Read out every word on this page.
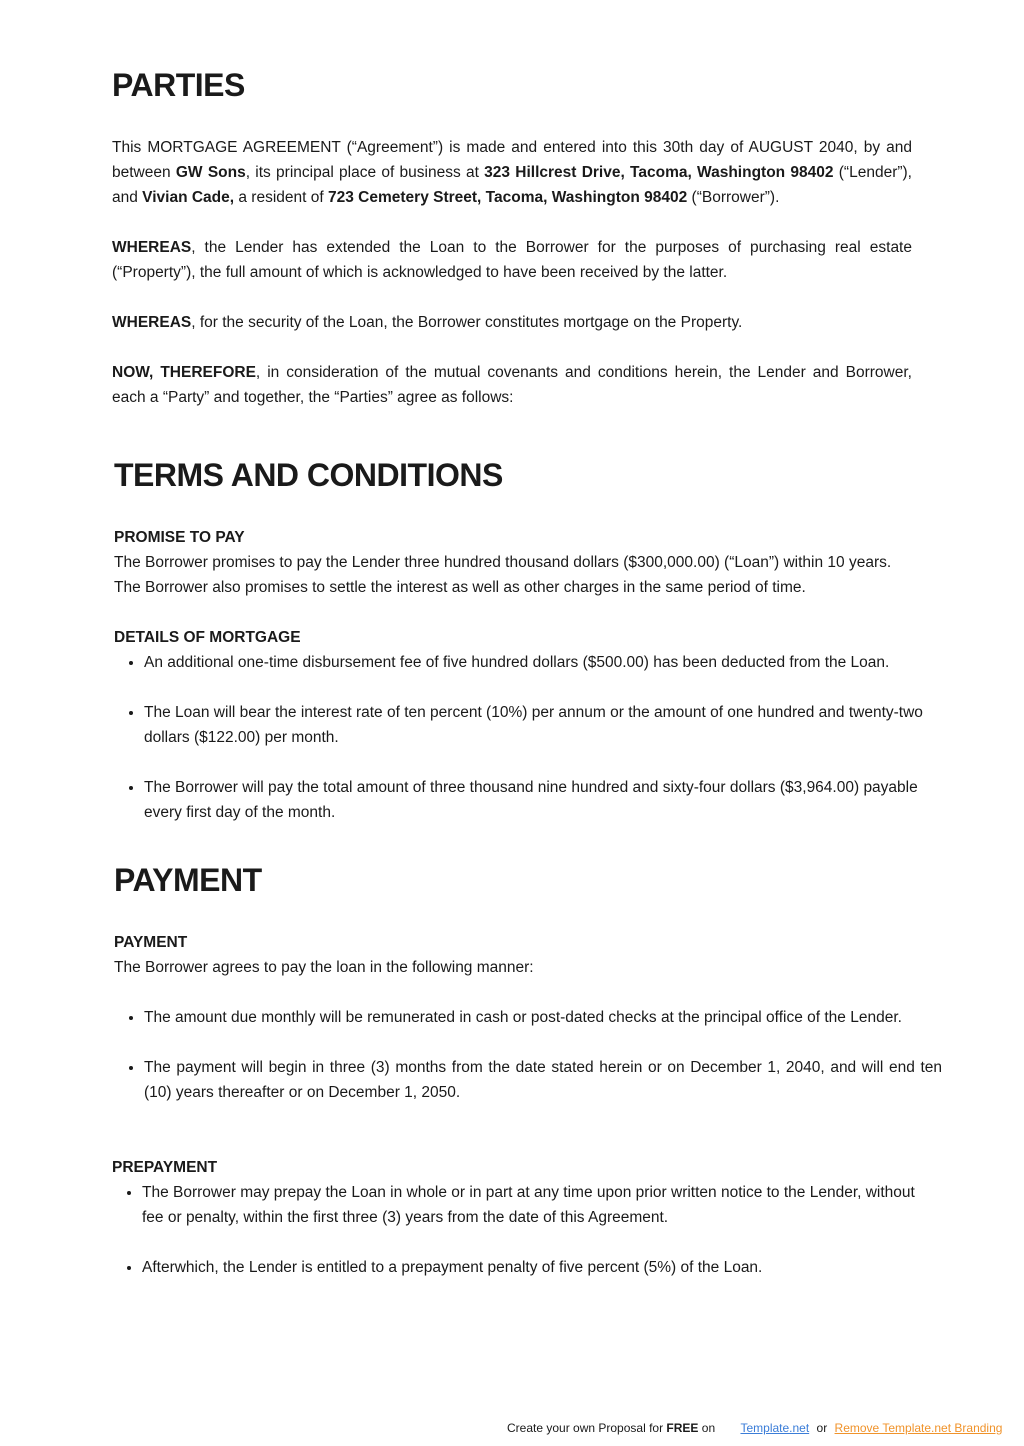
PARTIES

This MORTGAGE AGREEMENT (“Agreement”) is made and entered into this 30th day of AUGUST 2040, by and between GW Sons, its principal place of business at 323 Hillcrest Drive, Tacoma, Washington 98402 (“Lender”), and Vivian Cade, a resident of 723 Cemetery Street, Tacoma, Washington 98402 (“Borrower”).

WHEREAS, the Lender has extended the Loan to the Borrower for the purposes of purchasing real estate (“Property”), the full amount of which is acknowledged to have been received by the latter.

WHEREAS, for the security of the Loan, the Borrower constitutes mortgage on the Property.

NOW, THEREFORE, in consideration of the mutual covenants and conditions herein, the Lender and Borrower, each a “Party” and together, the “Parties” agree as follows:

TERMS AND CONDITIONS
PROMISE TO PAY
The Borrower promises to pay the Lender three hundred thousand dollars ($300,000.00) (“Loan”) within 10 years. The Borrower also promises to settle the interest as well as other charges in the same period of time.
DETAILS OF MORTGAGE
• An additional one-time disbursement fee of five hundred dollars ($500.00) has been deducted from the Loan.
• The Loan will bear the interest rate of ten percent (10%) per annum or the amount of one hundred and twenty-two dollars ($122.00) per month.
• The Borrower will pay the total amount of three thousand nine hundred and sixty-four dollars ($3,964.00) payable every first day of the month.
PAYMENT
PAYMENT
The Borrower agrees to pay the loan in the following manner:
• The amount due monthly will be remunerated in cash or post-dated checks at the principal office of the Lender.
• The payment will begin in three (3) months from the date stated herein or on December 1, 2040, and will end ten (10) years thereafter or on December 1, 2050.
PREPAYMENT
• The Borrower may prepay the Loan in whole or in part at any time upon prior written notice to the Lender, without fee or penalty, within the first three (3) years from the date of this Agreement.
• Afterwhich, the Lender is entitled to a prepayment penalty of five percent (5%) of the Loan.
Create your own Proposal for FREE on Template.net or Remove Template.net Branding
